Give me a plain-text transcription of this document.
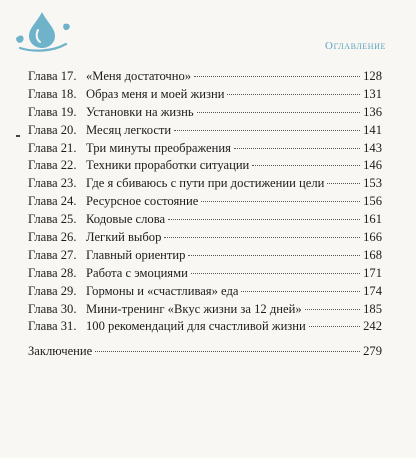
Оглавление
Глава 17. «Меня достаточно»	128
Глава 18. Образ меня и моей жизни	131
Глава 19. Установки на жизнь	136
Глава 20. Месяц легкости	141
Глава 21. Три минуты преображения	143
Глава 22. Техники проработки ситуации	146
Глава 23. Где я сбиваюсь с пути при достижении цели	153
Глава 24. Ресурсное состояние	156
Глава 25. Кодовые слова	161
Глава 26. Легкий выбор	166
Глава 27. Главный ориентир	168
Глава 28. Работа с эмоциями	171
Глава 29. Гормоны и «счастливая» еда	174
Глава 30. Мини-тренинг «Вкус жизни за 12 дней»	185
Глава 31. 100 рекомендаций для счастливой жизни	242
Заключение	279
